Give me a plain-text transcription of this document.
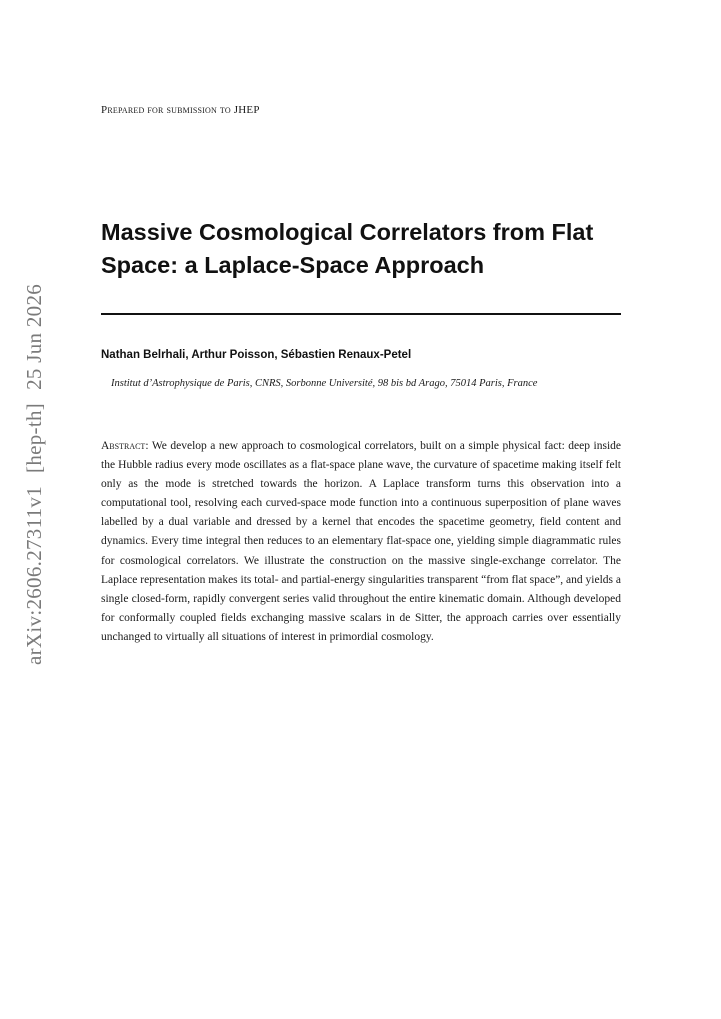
Prepared for submission to JHEP
Massive Cosmological Correlators from Flat Space: a Laplace-Space Approach
Nathan Belrhali, Arthur Poisson, Sébastien Renaux-Petel
Institut d’Astrophysique de Paris, CNRS, Sorbonne Université, 98 bis bd Arago, 75014 Paris, France

Abstract: We develop a new approach to cosmological correlators, built on a simple physical fact: deep inside the Hubble radius every mode oscillates as a flat-space plane wave, the curvature of spacetime making itself felt only as the mode is stretched towards the horizon. A Laplace transform turns this observation into a computational tool, resolving each curved-space mode function into a continuous superposition of plane waves labelled by a dual variable and dressed by a kernel that encodes the spacetime geometry, field content and dynamics. Every time integral then reduces to an elementary flat-space one, yielding simple diagrammatic rules for cosmological correlators. We illustrate the construction on the massive single-exchange correlator. The Laplace representation makes its total- and partial-energy singularities transparent “from flat space”, and yields a single closed-form, rapidly convergent series valid throughout the entire kinematic domain. Although developed for conformally coupled fields exchanging massive scalars in de Sitter, the approach carries over essentially unchanged to virtually all situations of interest in primordial cosmology.

arXiv:2606.27311v1[hep-th]25 Jun 2026
